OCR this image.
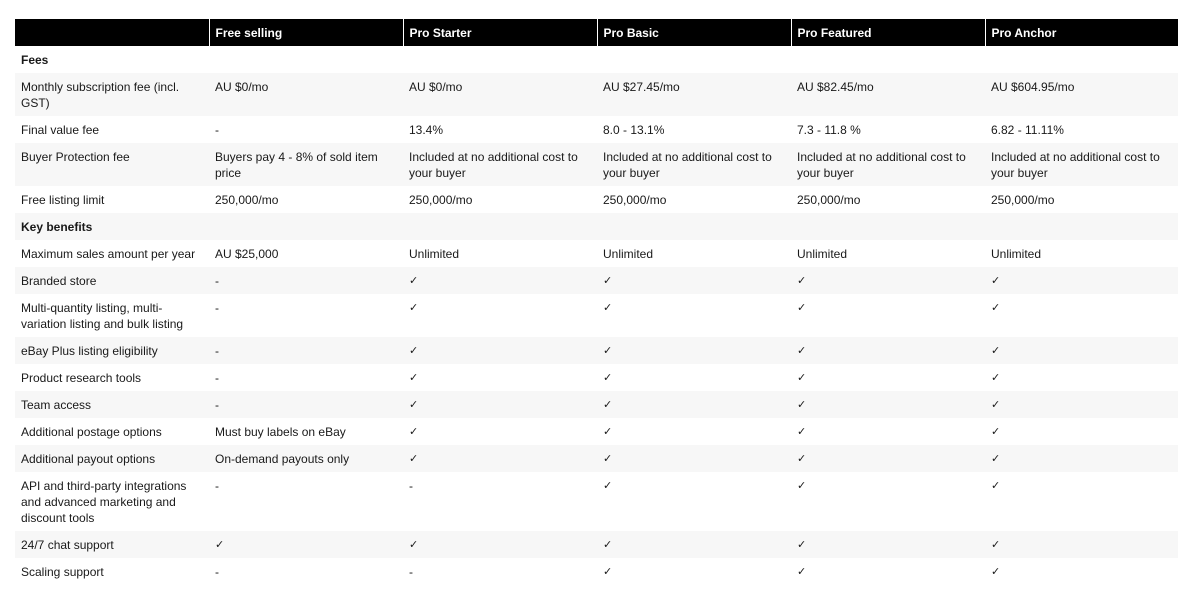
	Free selling	Pro Starter	Pro Basic	Pro Featured	Pro Anchor
Fees					
Monthly subscription fee (incl. GST)	AU $0/mo	AU $0/mo	AU $27.45/mo	AU $82.45/mo	AU $604.95/mo
Final value fee	-	13.4%	8.0 - 13.1%	7.3 - 11.8 %	6.82 - 11.11%
Buyer Protection fee	Buyers pay 4 - 8% of sold item price	Included at no additional cost to your buyer	Included at no additional cost to your buyer	Included at no additional cost to your buyer	Included at no additional cost to your buyer
Free listing limit	250,000/mo	250,000/mo	250,000/mo	250,000/mo	250,000/mo
Key benefits					
Maximum sales amount per year	AU $25,000	Unlimited	Unlimited	Unlimited	Unlimited
Branded store	-	✓	✓	✓	✓
Multi-quantity listing, multi-variation listing and bulk listing	-	✓	✓	✓	✓
eBay Plus listing eligibility	-	✓	✓	✓	✓
Product research tools	-	✓	✓	✓	✓
Team access	-	✓	✓	✓	✓
Additional postage options	Must buy labels on eBay	✓	✓	✓	✓
Additional payout options	On-demand payouts only	✓	✓	✓	✓
API and third-party integrations and advanced marketing and discount tools	-	-	✓	✓	✓
24/7 chat support	✓	✓	✓	✓	✓
Scaling support	-	-	✓	✓	✓
